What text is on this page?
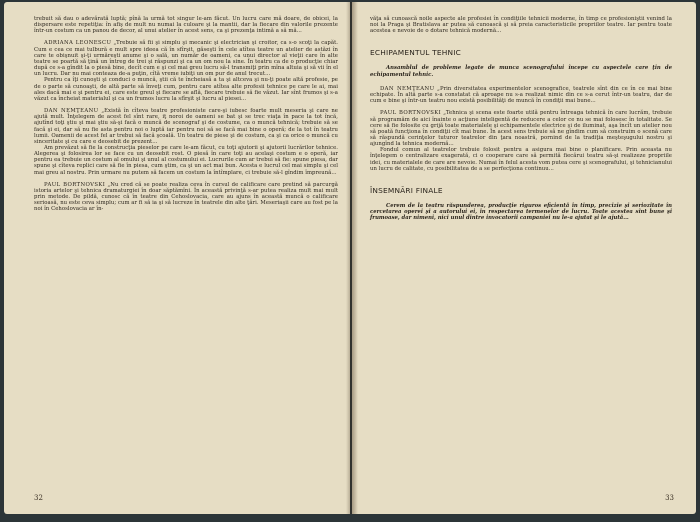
trebuit să dau o adevărată luptă; pînă la urmă tot singur le-am făcut. Un lucru care mă doare, de obicei, la dispersare este repetiţia: în afiş de mult nu numai la culoare şi la mantii, dar la fiecare din valorile prezente într-un costum ca un panou de decor, al unui atelier în acest sens, ca şi prezenţa intimă a să mă...

ADRIANA LEONESCU „Trebuie să fii şi simplu şi mecanic şi electrician şi croitor, ca s-o scoţi la capăt. Cum e cea ce mai tulbură e mult spre ideea că în sfîrşit, găseşti în cele atîtea teatre un atelier de astăzi în care te obişnuit şi-ţi urmăreşti anume şi o sală, un număr de oameni, ca unui director al vieţii care în alte teatre se poartă să ţină un întreg de trei şi răspunzi şi ca un om nou la sine. În teatru ca de o producţie chiar după ce s-a gîndit la o piesă bine, decît cum e şi cel mai greu lucru să-l transmiţi prin mîna altuia şi să vii în el un lucru. Dar nu mai conteaza de-a puţin, cîtă vreme iubiţi un om pur de anul trecut...

Pentru ca îţi cunoşti şi conduci o muncă, ştii că te încheiasă a ta şi altceva şi nu-ţi poate altă profesie, pe de o parte să cunoaşti, de altă parte să înveţi cum, pentru care atîtea alte profesii tehnice pe care le ai, mai ales dacă mai e şi pentru ei, care este greul şi fiecare se află, fiecare trebuie să fie văzut. Iar sînt frumos şi s-a văzut ca încheiat materialul şi ca un frumos lucru la sfîrşit şi lucru al piesei...

DAN NEMŢEANU „Există în cîteva teatre profesioniste care-şi iubesc foarte mult meseria şi care ne ajută mult. Înţelegem de acest fel sînt rare, iţ noroi de oameni se bat şi se trec viaţa în pace la tot încă, ajutînd toţi ştiu şi mai ştiu să-şi facă o muncă de scenograf şi de costume, ca o muncă tehnică; trebuie să se facă şi ei, dar să nu fie asta pentru noi o luptă iar pentru noi să se facă mai bine o operă; de la tot în teatru lumii. Oamenii de acest fel ar trebui să facă şcoală. Un teatru de piese şi de costum, ca şi ca orice o muncă cu sinceritate şi cu care e deosebit de prezent...

Am prevăzut să fie la construcţia pieselor pe care le-am făcut, cu toţi ajutorii şi ajutorii lucrărilor tehnice. Alegerea şi folosirea lor se face cu un deosebit rost. O piesă în care toţi au acelaşi costum e o operă, iar pentru ea trebuie un costum al omului şi unul al costumului ei. Lucrurile cum ar trebui să fie: spune piesa, dar spune şi cîteva replici care să fie în piesa, cum ştim, ca şi un act mai bun. Acesta e lucrul cel mai simplu şi cel mai greu al nostru. Prin urmare nu putem să facem un costum la întîmplare, ci trebuie să-l gîndim împreună...

PAUL BORTNOVSKI „Nu cred că se poate realiza ceva în cursul de calificare care pretind să parcurgă istoria artelor şi tehnica dramaturgiei în doar săptămîni. În această privinţă s-ar putea realiza mult mai mult prin metode. De pildă, cunosc că în teatre din Cehoslovacia, care au ajuns în această muncă o calificare serioasă, nu este ceva simplu; cum ar fi să ia şi să lucreze în teatrele din alte ţări. Meseriaşii care au fost pe la noi în Cehoslovacia ar în-

32

văţa să cunoască noile aspecte ale profesiei în condiţiile tehnicii moderne, în timp ce profesioniştii venind la noi la Praga şi Bratislava ar putea să cunoască şi să preia caracteristicile propriilor teatre. Iar pentru toate acestea e nevoie de o dotare tehnică modernă...

ECHIPAMENTUL TEHNIC

Ansamblul de probleme legate de munca scenografului începe cu aspectele care ţin de echipamentul tehnic.

DAN NEMŢEANU „Prin diversitatea experimentelor scenografice, teatrele sînt din ce în ce mai bine echipate. În altă parte s-a constatat că aproape nu s-a realizat nimic din ce s-a cerut într-un teatru, dar de cum e bine şi într-un teatru nou există posibilităţi de muncă în condiţii mai bune...

PAUL BORTNOVSKI „Tehnica şi scena este foarte utilă pentru întreaga tehnică în care lucrăm, trebuie să programăm de aici înainte o acţiune inteligentă de reducere a celor ce nu se mai folosesc în totalitate. Se cere să fie folosite cu grijă toate materialele şi echipamentele electrice şi de iluminat, aşa încît un atelier nou să poată funcţiona în condiţii cît mai bune. În acest sens trebuie să ne gîndim cum să construim o scenă care să răspundă cerinţelor tuturor teatrelor din ţara noastră, pornind de la tradiţia meşteşugului nostru şi ajungînd la tehnica modernă...

Fondul comun al teatrelor trebuie folosit pentru a asigura mai bine o planificare. Prin aceasta nu înţelegem o centralizare exagerată, ci o cooperare care să permită fiecărui teatru să-şi realizeze propriile idei, cu materialele de care are nevoie. Numai în felul acesta vom putea cere şi scenografului, şi tehnicianului un lucru de calitate, cu posibilitatea de a se perfecţiona continuu...

ÎNSEMNĂRI FINALE

Cerem de la teatru răspunderea, producţie riguros eficientă în timp, precizie şi seriozitate în cercetarea operei şi a autorului ei, în respectarea termenelor de lucru. Toate acestea sînt bune şi frumoase, dar nimeni, nici unul dintre invocatorii campaniei nu le-a ajutat şi le ajută...

33
